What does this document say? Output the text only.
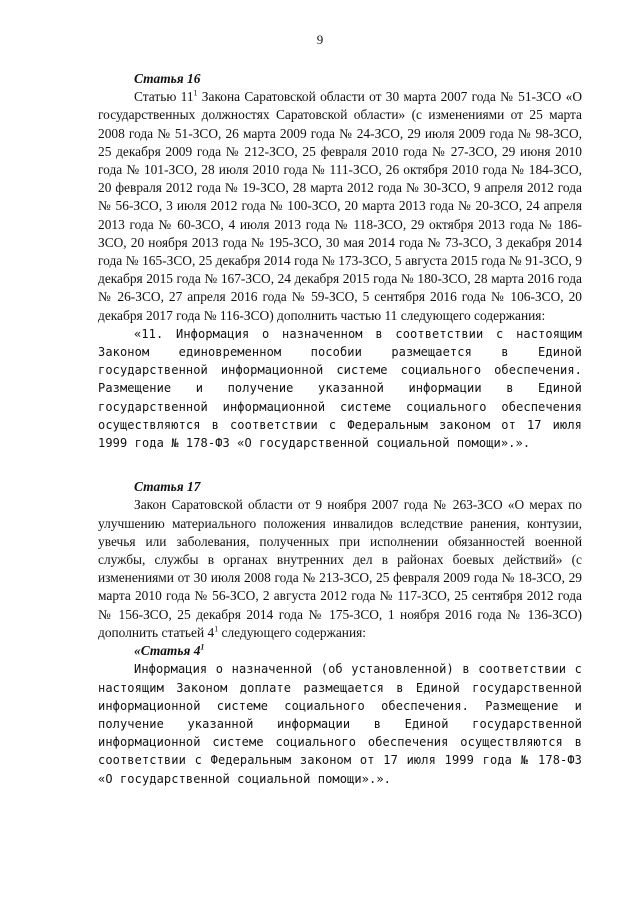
9

Статья 16

Статью $11^1$ Закона Саратовской области от 30 марта 2007 года № 51-ЗСО «О государственных должностях Саратовской области» (с изменениями от 25 марта 2008 года № 51-ЗСО, 26 марта 2009 года № 24-ЗСО, 29 июля 2009 года № 98-ЗСО, 25 декабря 2009 года № 212-ЗСО, 25 февраля 2010 года № 27-ЗСО, 29 июня 2010 года № 101-ЗСО, 28 июля 2010 года № 111-ЗСО, 26 октября 2010 года № 184-ЗСО, 20 февраля 2012 года № 19-ЗСО, 28 марта 2012 года № 30-ЗСО, 9 апреля 2012 года № 56-ЗСО, 3 июля 2012 года № 100-ЗСО, 20 марта 2013 года № 20-ЗСО, 24 апреля 2013 года № 60-ЗСО, 4 июля 2013 года № 118-ЗСО, 29 октября 2013 года № 186-ЗСО, 20 ноября 2013 года № 195-ЗСО, 30 мая 2014 года № 73-ЗСО, 3 декабря 2014 года № 165-ЗСО, 25 декабря 2014 года № 173-ЗСО, 5 августа 2015 года № 91-ЗСО, 9 декабря 2015 года № 167-ЗСО, 24 декабря 2015 года № 180-ЗСО, 28 марта 2016 года № 26-ЗСО, 27 апреля 2016 года № 59-ЗСО, 5 сентября 2016 года № 106-ЗСО, 20 декабря 2017 года № 116-ЗСО) дополнить частью 11 следующего содержания:

«11. Информация о назначенном в соответствии с настоящим Законом единовременном пособии размещается в Единой государственной информационной системе социального обеспечения. Размещение и получение указанной информации в Единой государственной информационной системе социального обеспечения осуществляются в соответствии с Федеральным законом от 17 июля 1999 года № 178-ФЗ «О государственной социальной помощи».».

Статья 17

Закон Саратовской области от 9 ноября 2007 года № 263-ЗСО «О мерах по улучшению материального положения инвалидов вследствие ранения, контузии, увечья или заболевания, полученных при исполнении обязанностей военной службы, службы в органах внутренних дел в районах боевых действий» (с изменениями от 30 июля 2008 года № 213-ЗСО, 25 февраля 2009 года № 18-ЗСО, 29 марта 2010 года № 56-ЗСО, 2 августа 2012 года № 117-ЗСО, 25 сентября 2012 года № 156-ЗСО, 25 декабря 2014 года № 175-ЗСО, 1 ноября 2016 года № 136-ЗСО) дополнить статьей $4^1$ следующего содержания:

«Статья $4^1$

Информация о назначенной (об установленной) в соответствии с настоящим Законом доплате размещается в Единой государственной информационной системе социального обеспечения. Размещение и получение указанной информации в Единой государственной информационной системе социального обеспечения осуществляются в соответствии с Федеральным законом от 17 июля 1999 года № 178-ФЗ «О государственной социальной помощи».».
